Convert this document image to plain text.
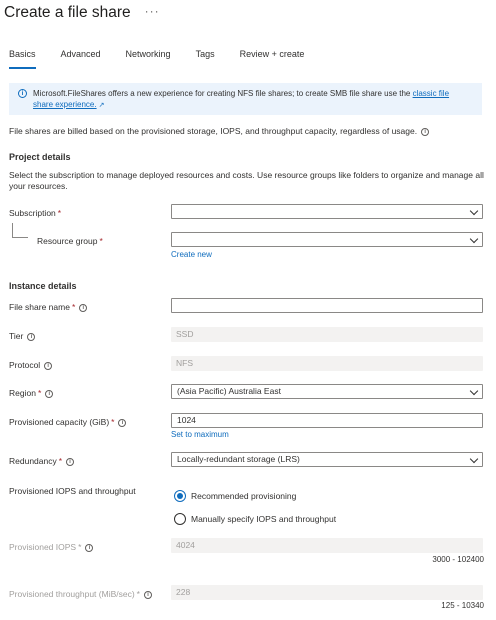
Create a file share ···
Basics	Advanced	Networking	Tags	Review + create
i	Microsoft.FileShares offers a new experience for creating NFS file shares; to create SMB file share use the classic file
share experience. ↗
File shares are billed based on the provisioned storage, IOPS, and throughput capacity, regardless of usage. i
Project details
Select the subscription to manage deployed resources and costs. Use resource groups like folders to organize and manage all your resources.
Subscription *
Resource group *
Create new
Instance details
File share name * i
Tier i	SSD
Protocol i	NFS
Region * i	(Asia Pacific) Australia East
Provisioned capacity (GiB) * i	1024
Set to maximum
Redundancy * i	Locally-redundant storage (LRS)
Provisioned IOPS and throughput	Recommended provisioning
Manually specify IOPS and throughput
Provisioned IOPS * i	4024
3000 - 102400
Provisioned throughput (MiB/sec) * i	228
125 - 10340
